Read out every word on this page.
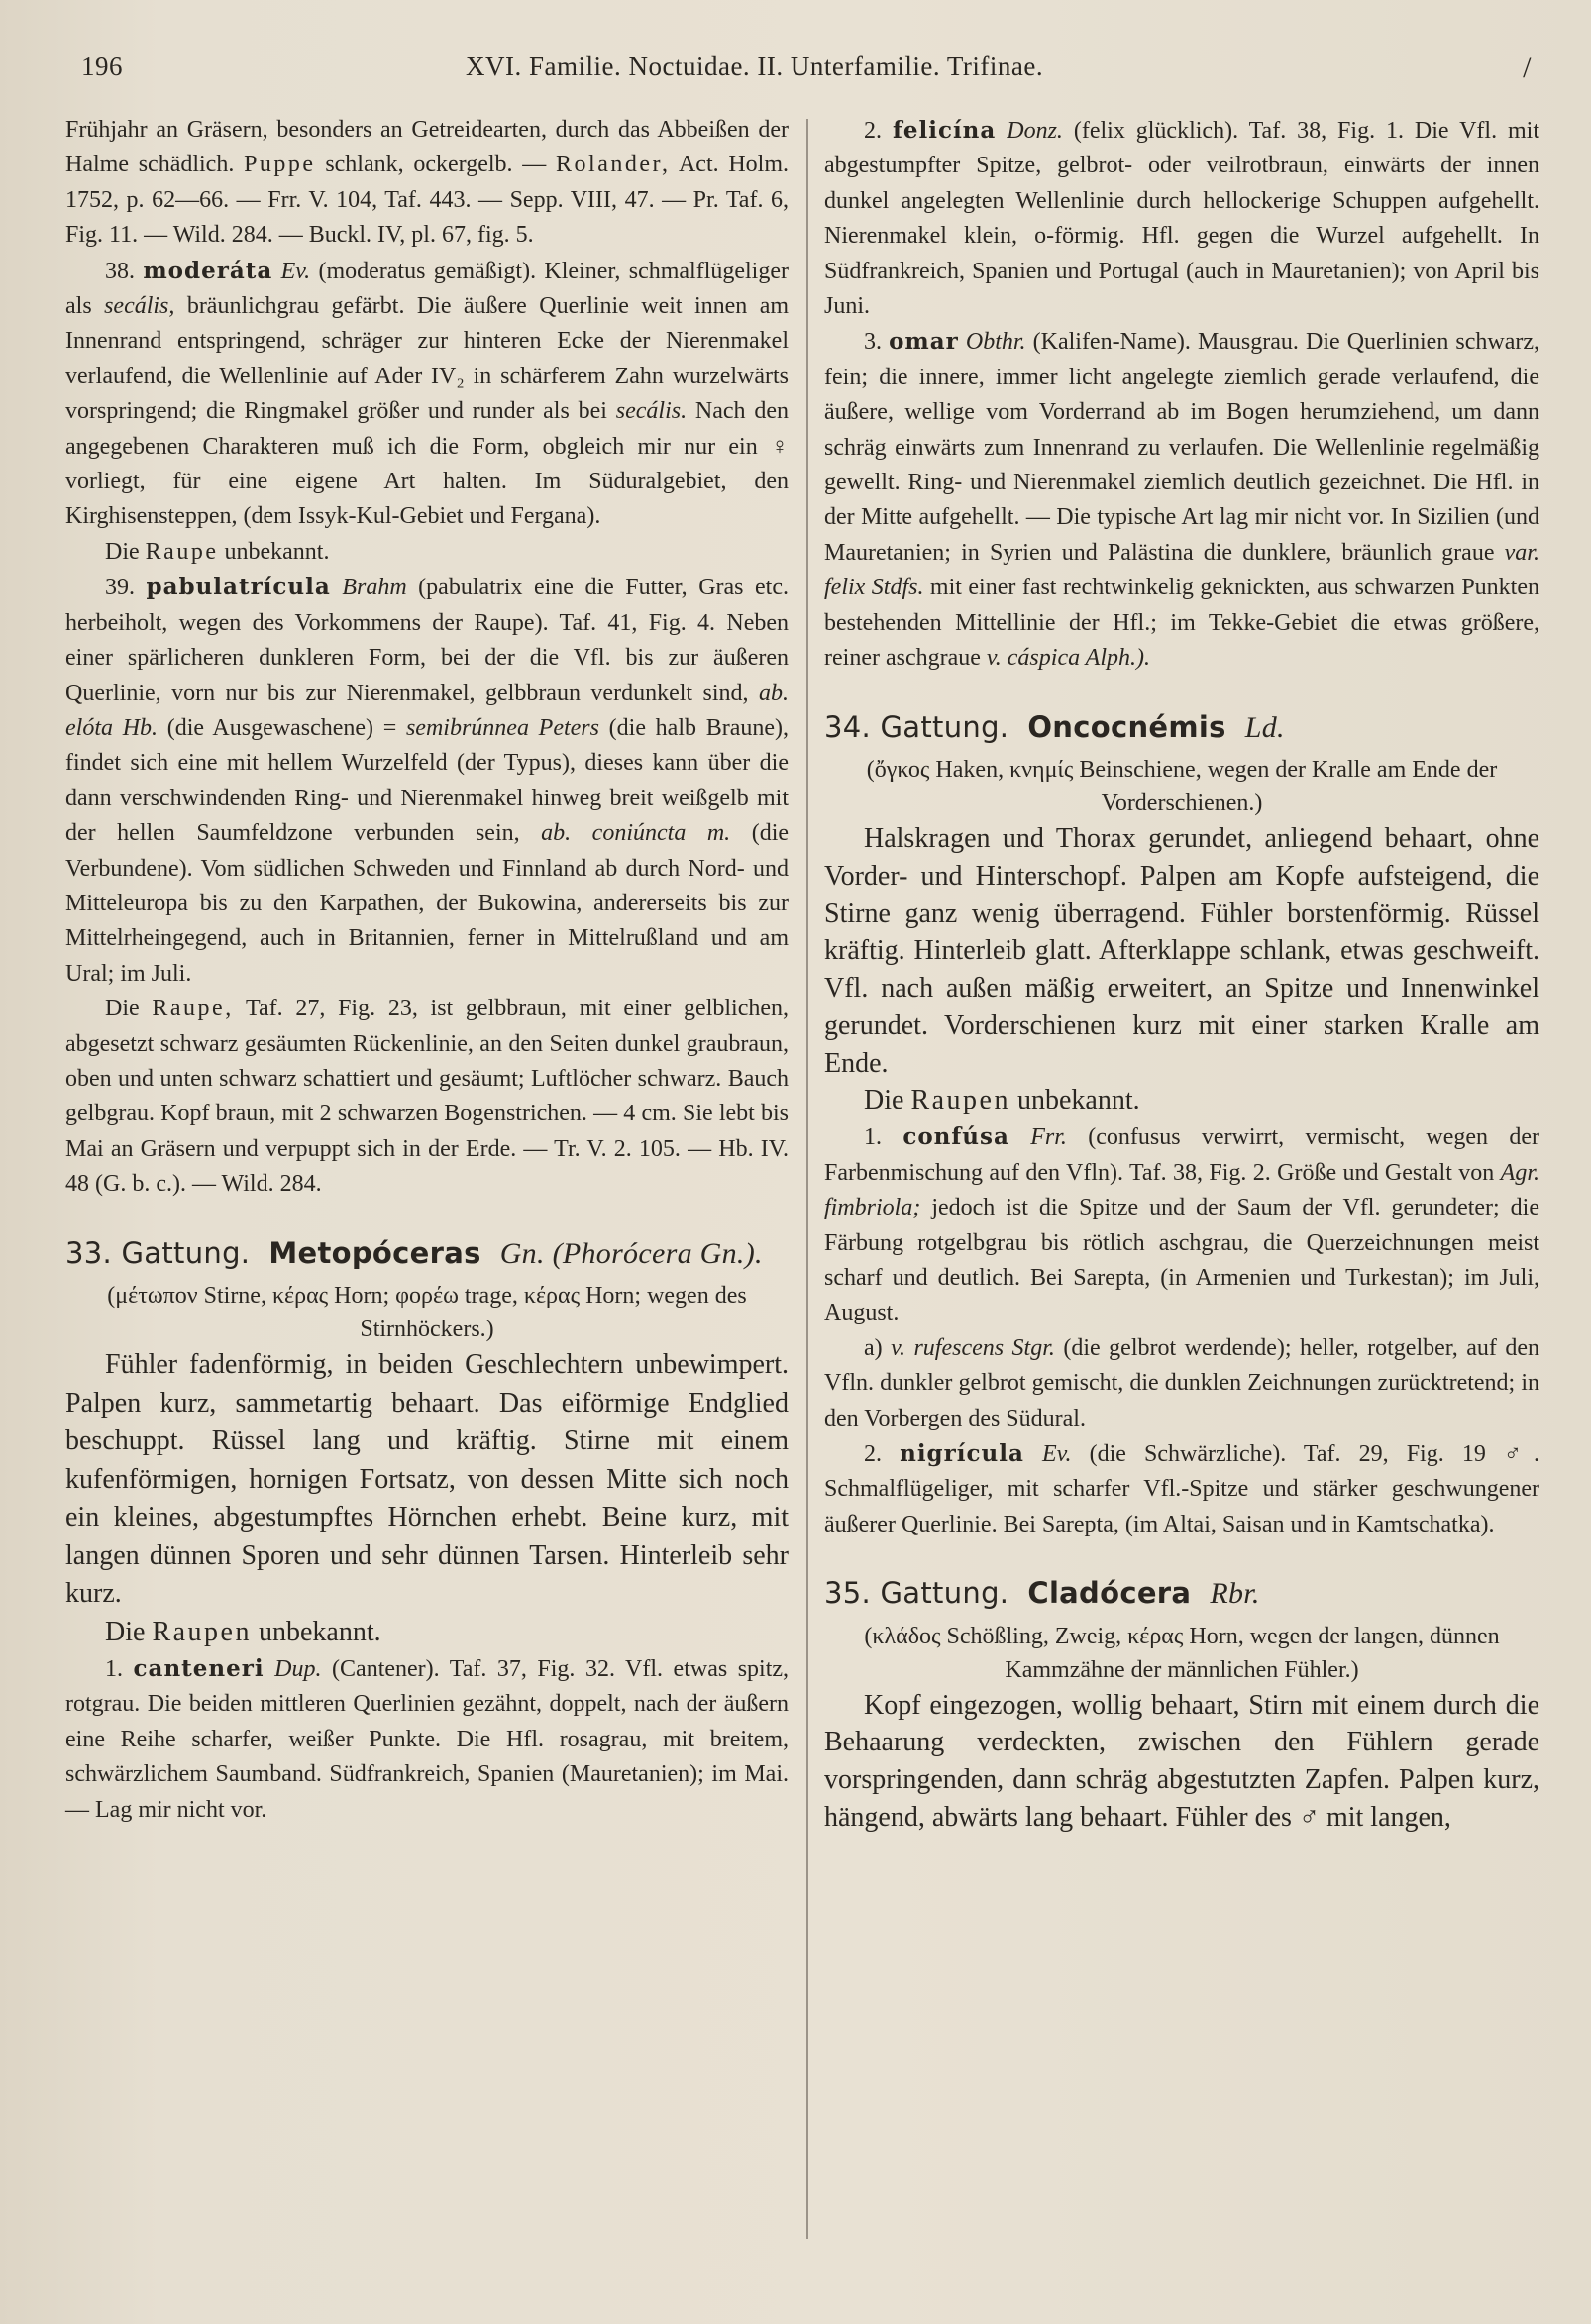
196	XVI. Familie. Noctuidae. II. Unterfamilie. Trifinae.	/

Frühjahr an Gräsern, besonders an Getreidearten, durch das Abbeißen der Halme schädlich. Puppe schlank, ockergelb. — Rolander, Act. Holm. 1752, p. 62—66. — Frr. V. 104, Taf. 443. — Sepp. VIII, 47. — Pr. Taf. 6, Fig. 11. — Wild. 284. — Buckl. IV, pl. 67, fig. 5.

38. moderáta Ev. (moderatus gemäßigt). Kleiner, schmalflügeliger als secális, bräunlichgrau gefärbt. Die äußere Querlinie weit innen am Innenrand entspringend, schräger zur hinteren Ecke der Nierenmakel verlaufend, die Wellenlinie auf Ader IV₂ in schärferem Zahn wurzelwärts vorspringend; die Ringmakel größer und runder als bei secális. Nach den angegebenen Charakteren muß ich die Form, obgleich mir nur ein ♀ vorliegt, für eine eigene Art halten. Im Süduralgebiet, den Kirghisensteppen, (dem Issyk-Kul-Gebiet und Fergana).

Die Raupe unbekannt.

39. pabulatrícula Brahm (pabulatrix eine die Futter, Gras etc. herbeiholt, wegen des Vorkommens der Raupe). Taf. 41, Fig. 4. Neben einer spärlicheren dunkleren Form, bei der die Vfl. bis zur äußeren Querlinie, vorn nur bis zur Nierenmakel, gelbbraun verdunkelt sind, ab. elóta Hb. (die Ausgewaschene) = semibrúnnea Peters (die halb Braune), findet sich eine mit hellem Wurzelfeld (der Typus), dieses kann über die dann verschwindenden Ring- und Nierenmakel hinweg breit weißgelb mit der hellen Saumfeldzone verbunden sein, ab. coniúncta m. (die Verbundene). Vom südlichen Schweden und Finnland ab durch Nord- und Mitteleuropa bis zu den Karpathen, der Bukowina, andererseits bis zur Mittelrheingegend, auch in Britannien, ferner in Mittelrußland und am Ural; im Juli.

Die Raupe, Taf. 27, Fig. 23, ist gelbbraun, mit einer gelblichen, abgesetzt schwarz gesäumten Rückenlinie, an den Seiten dunkel graubraun, oben und unten schwarz schattiert und gesäumt; Luftlöcher schwarz. Bauch gelbgrau. Kopf braun, mit 2 schwarzen Bogenstrichen. — 4 cm. Sie lebt bis Mai an Gräsern und verpuppt sich in der Erde. — Tr. V. 2. 105. — Hb. IV. 48 (G. b. c.). — Wild. 284.

33. Gattung. Metopóceras Gn. (Phorócera Gn.).

(μέτωπον Stirne, κέρας Horn; φορέω trage, κέρας Horn; wegen des Stirnhöckers.)

Fühler fadenförmig, in beiden Geschlechtern unbewimpert. Palpen kurz, sammetartig behaart. Das eiförmige Endglied beschuppt. Rüssel lang und kräftig. Stirne mit einem kufenförmigen, hornigen Fortsatz, von dessen Mitte sich noch ein kleines, abgestumpftes Hörnchen erhebt. Beine kurz, mit langen dünnen Sporen und sehr dünnen Tarsen. Hinterleib sehr kurz.

Die Raupen unbekannt.

1. canteneri Dup. (Cantener). Taf. 37, Fig. 32. Vfl. etwas spitz, rotgrau. Die beiden mittleren Querlinien gezähnt, doppelt, nach der äußern eine Reihe scharfer, weißer Punkte. Die Hfl. rosagrau, mit breitem, schwärzlichem Saumband. Südfrankreich, Spanien (Mauretanien); im Mai. — Lag mir nicht vor.

2. felicína Donz. (felix glücklich). Taf. 38, Fig. 1. Die Vfl. mit abgestumpfter Spitze, gelbrot- oder veilrotbraun, einwärts der innen dunkel angelegten Wellenlinie durch hellockerige Schuppen aufgehellt. Nierenmakel klein, o-förmig. Hfl. gegen die Wurzel aufgehellt. In Südfrankreich, Spanien und Portugal (auch in Mauretanien); von April bis Juni.

3. omar Obthr. (Kalifen-Name). Mausgrau. Die Querlinien schwarz, fein; die innere, immer licht angelegte ziemlich gerade verlaufend, die äußere, wellige vom Vorderrand ab im Bogen herumziehend, um dann schräg einwärts zum Innenrand zu verlaufen. Die Wellenlinie regelmäßig gewellt. Ring- und Nierenmakel ziemlich deutlich gezeichnet. Die Hfl. in der Mitte aufgehellt. — Die typische Art lag mir nicht vor. In Sizilien (und Mauretanien; in Syrien und Palästina die dunklere, bräunlich graue var. felix Stdfs. mit einer fast rechtwinkelig geknickten, aus schwarzen Punkten bestehenden Mittellinie der Hfl.; im Tekke-Gebiet die etwas größere, reiner aschgraue v. cáspica Alph.).

34. Gattung. Oncocnémis Ld.

(ὄγκος Haken, κνημίς Beinschiene, wegen der Kralle am Ende der Vorderschienen.)

Halskragen und Thorax gerundet, anliegend behaart, ohne Vorder- und Hinterschopf. Palpen am Kopfe aufsteigend, die Stirne ganz wenig überragend. Fühler borstenförmig. Rüssel kräftig. Hinterleib glatt. Afterklappe schlank, etwas geschweift. Vfl. nach außen mäßig erweitert, an Spitze und Innenwinkel gerundet. Vorderschienen kurz mit einer starken Kralle am Ende.

Die Raupen unbekannt.

1. confúsa Frr. (confusus verwirrt, vermischt, wegen der Farbenmischung auf den Vfln). Taf. 38, Fig. 2. Größe und Gestalt von Agr. fimbriola; jedoch ist die Spitze und der Saum der Vfl. gerundeter; die Färbung rotgelbgrau bis rötlich aschgrau, die Querzeichnungen meist scharf und deutlich. Bei Sarepta, (in Armenien und Turkestan); im Juli, August.

a) v. rufescens Stgr. (die gelbrot werdende); heller, rotgelber, auf den Vfln. dunkler gelbrot gemischt, die dunklen Zeichnungen zurücktretend; in den Vorbergen des Südural.

2. nigrícula Ev. (die Schwärzliche). Taf. 29, Fig. 19 ♂. Schmalflügeliger, mit scharfer Vfl.-Spitze und stärker geschwungener äußerer Querlinie. Bei Sarepta, (im Altai, Saisan und in Kamtschatka).

35. Gattung. Cladócera Rbr.

(κλάδος Schößling, Zweig, κέρας Horn, wegen der langen, dünnen Kammzähne der männlichen Fühler.)

Kopf eingezogen, wollig behaart, Stirn mit einem durch die Behaarung verdeckten, zwischen den Fühlern gerade vorspringenden, dann schräg abgestutzten Zapfen. Palpen kurz, hängend, abwärts lang behaart. Fühler des ♂ mit langen,
